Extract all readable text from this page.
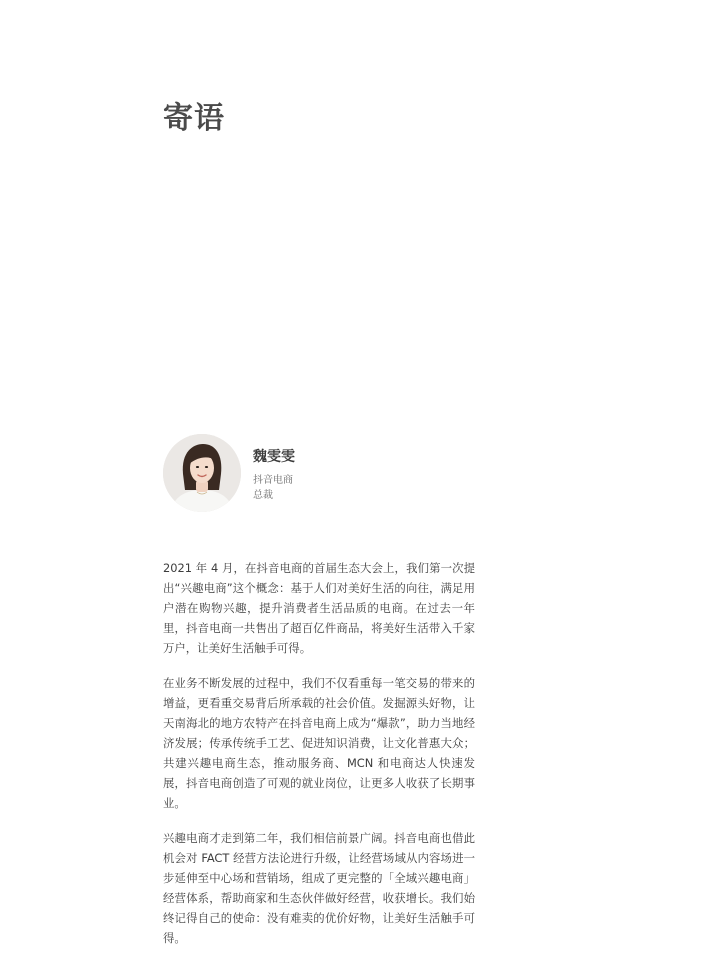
寄语
魏雯雯
抖音电商
总裁

2021 年 4 月，在抖音电商的首届生态大会上，我们第一次提出“兴趣电商”这个概念：基于人们对美好生活的向往，满足用户潜在购物兴趣，提升消费者生活品质的电商。在过去一年里，抖音电商一共售出了超百亿件商品，将美好生活带入千家万户，让美好生活触手可得。

在业务不断发展的过程中，我们不仅看重每一笔交易的带来的增益，更看重交易背后所承载的社会价值。发掘源头好物，让天南海北的地方农特产在抖音电商上成为“爆款”，助力当地经济发展；传承传统手工艺、促进知识消费，让文化普惠大众；共建兴趣电商生态，推动服务商、MCN 和电商达人快速发展，抖音电商创造了可观的就业岗位，让更多人收获了长期事业。

兴趣电商才走到第二年，我们相信前景广阔。抖音电商也借此机会对 FACT 经营方法论进行升级，让经营场域从内容场进一步延伸至中心场和营销场，组成了更完整的「全域兴趣电商」经营体系，帮助商家和生态伙伴做好经营，收获增长。我们始终记得自己的使命：没有难卖的优价好物，让美好生活触手可得。
